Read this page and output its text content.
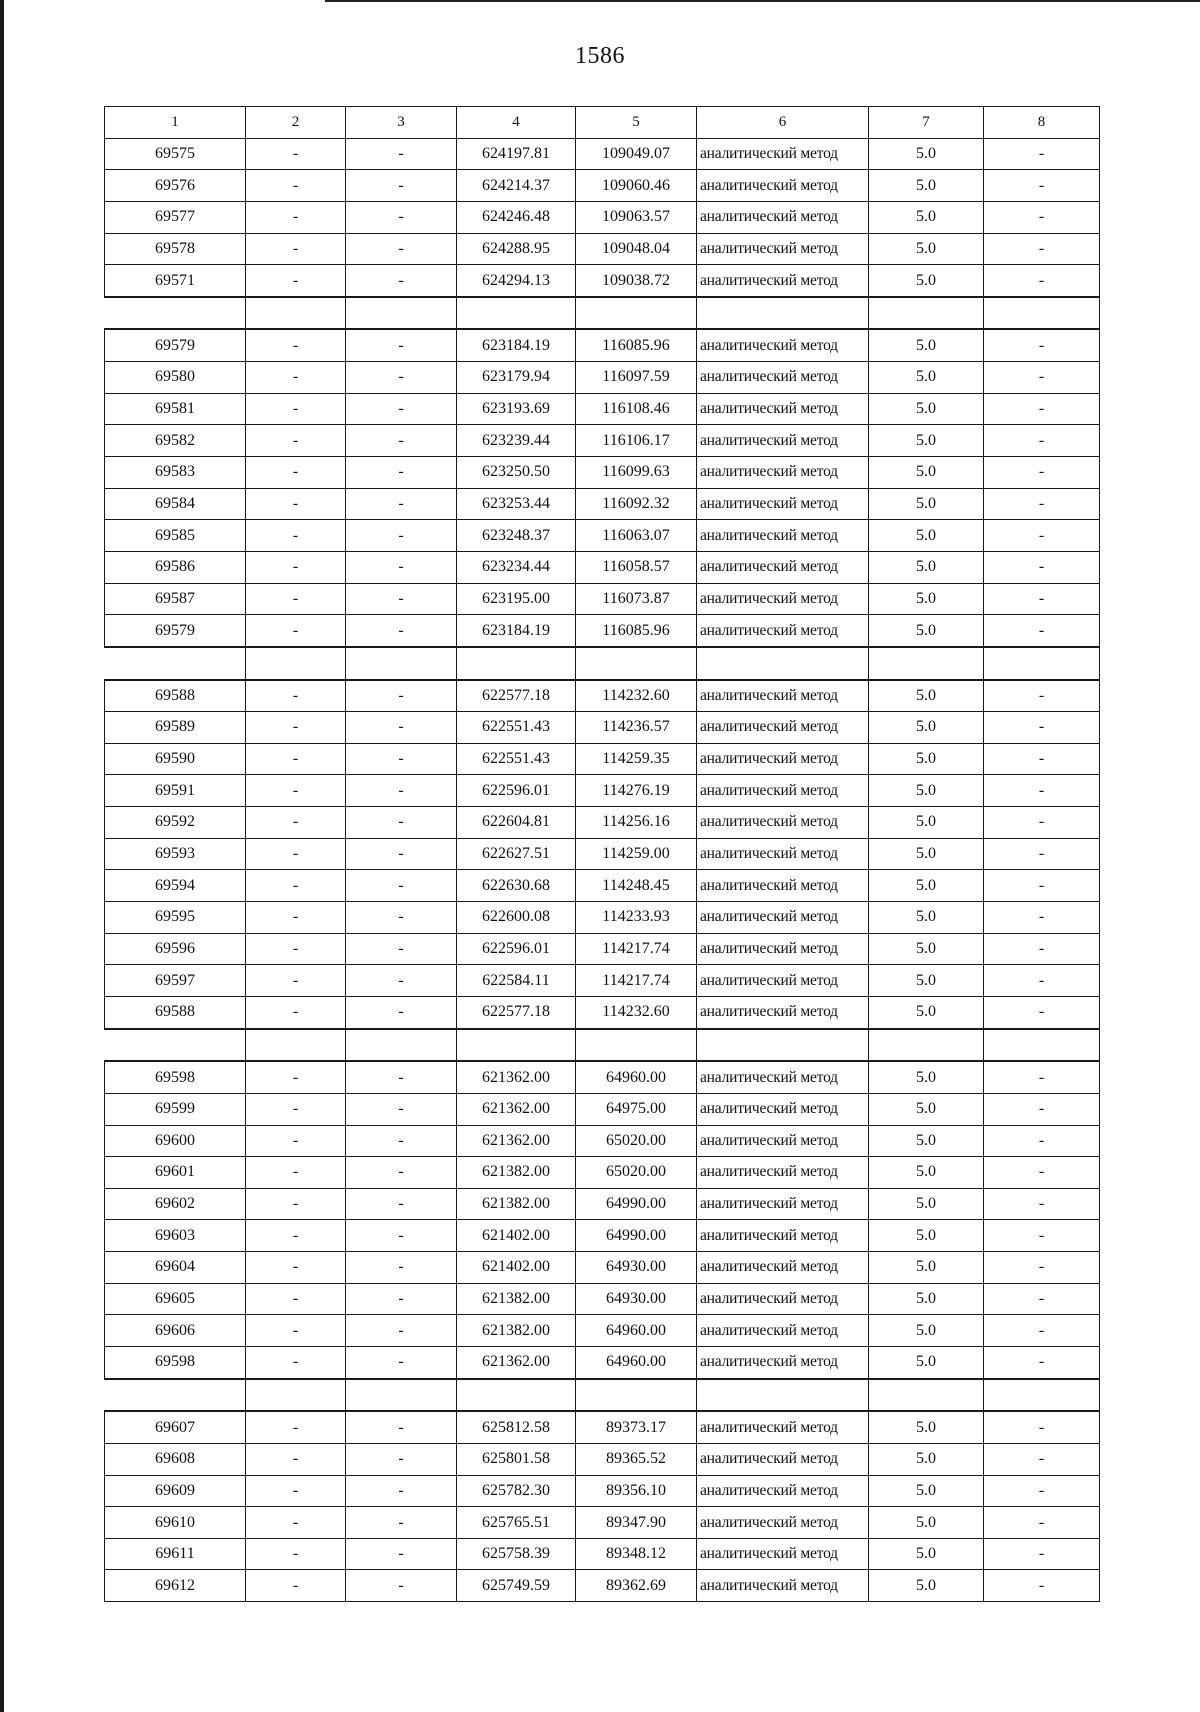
1586
1	2	3	4	5	6	7	8
69575	-	-	624197.81	109049.07	аналитический метод	5.0	-
69576	-	-	624214.37	109060.46	аналитический метод	5.0	-
69577	-	-	624246.48	109063.57	аналитический метод	5.0	-
69578	-	-	624288.95	109048.04	аналитический метод	5.0	-
69571	-	-	624294.13	109038.72	аналитический метод	5.0	-

69579	-	-	623184.19	116085.96	аналитический метод	5.0	-
69580	-	-	623179.94	116097.59	аналитический метод	5.0	-
69581	-	-	623193.69	116108.46	аналитический метод	5.0	-
69582	-	-	623239.44	116106.17	аналитический метод	5.0	-
69583	-	-	623250.50	116099.63	аналитический метод	5.0	-
69584	-	-	623253.44	116092.32	аналитический метод	5.0	-
69585	-	-	623248.37	116063.07	аналитический метод	5.0	-
69586	-	-	623234.44	116058.57	аналитический метод	5.0	-
69587	-	-	623195.00	116073.87	аналитический метод	5.0	-
69579	-	-	623184.19	116085.96	аналитический метод	5.0	-

69588	-	-	622577.18	114232.60	аналитический метод	5.0	-
69589	-	-	622551.43	114236.57	аналитический метод	5.0	-
69590	-	-	622551.43	114259.35	аналитический метод	5.0	-
69591	-	-	622596.01	114276.19	аналитический метод	5.0	-
69592	-	-	622604.81	114256.16	аналитический метод	5.0	-
69593	-	-	622627.51	114259.00	аналитический метод	5.0	-
69594	-	-	622630.68	114248.45	аналитический метод	5.0	-
69595	-	-	622600.08	114233.93	аналитический метод	5.0	-
69596	-	-	622596.01	114217.74	аналитический метод	5.0	-
69597	-	-	622584.11	114217.74	аналитический метод	5.0	-
69588	-	-	622577.18	114232.60	аналитический метод	5.0	-

69598	-	-	621362.00	64960.00	аналитический метод	5.0	-
69599	-	-	621362.00	64975.00	аналитический метод	5.0	-
69600	-	-	621362.00	65020.00	аналитический метод	5.0	-
69601	-	-	621382.00	65020.00	аналитический метод	5.0	-
69602	-	-	621382.00	64990.00	аналитический метод	5.0	-
69603	-	-	621402.00	64990.00	аналитический метод	5.0	-
69604	-	-	621402.00	64930.00	аналитический метод	5.0	-
69605	-	-	621382.00	64930.00	аналитический метод	5.0	-
69606	-	-	621382.00	64960.00	аналитический метод	5.0	-
69598	-	-	621362.00	64960.00	аналитический метод	5.0	-

69607	-	-	625812.58	89373.17	аналитический метод	5.0	-
69608	-	-	625801.58	89365.52	аналитический метод	5.0	-
69609	-	-	625782.30	89356.10	аналитический метод	5.0	-
69610	-	-	625765.51	89347.90	аналитический метод	5.0	-
69611	-	-	625758.39	89348.12	аналитический метод	5.0	-
69612	-	-	625749.59	89362.69	аналитический метод	5.0	-
